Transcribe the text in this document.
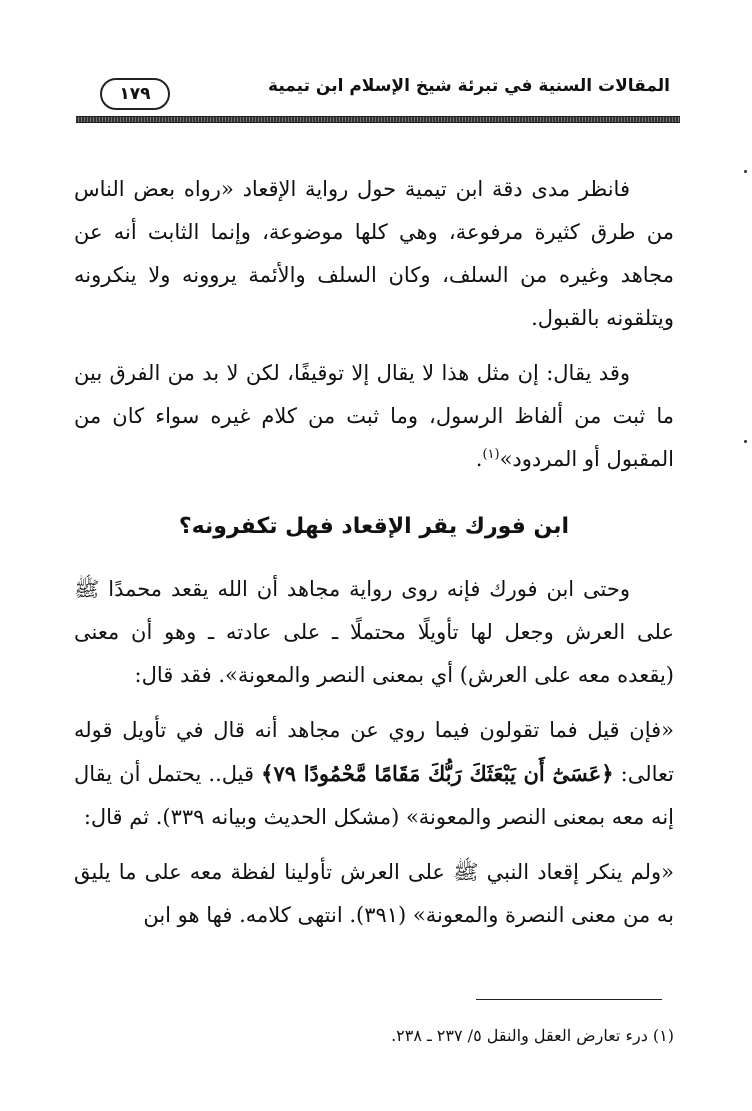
المقالات السنية في تبرئة شيخ الإسلام ابن تيمية
١٧٩

فانظر مدى دقة ابن تيمية حول رواية الإقعاد «رواه بعض الناس من طرق كثيرة مرفوعة، وهي كلها موضوعة، وإنما الثابت أنه عن مجاهد وغيره من السلف، وكان السلف والأئمة يروونه ولا ينكرونه ويتلقونه بالقبول.

وقد يقال: إن مثل هذا لا يقال إلا توقيفًا، لكن لا بد من الفرق بين ما ثبت من ألفاظ الرسول، وما ثبت من كلام غيره سواء كان من المقبول أو المردود»$^{(١)}$.

ابن فورك يقر الإقعاد فهل تكفرونه؟

وحتى ابن فورك فإنه روى رواية مجاهد أن الله يقعد محمدًا ﷺ على العرش وجعل لها تأويلًا محتملًا ـ على عادته ـ وهو أن معنى (يقعده معه على العرش) أي بمعنى النصر والمعونة». فقد قال:

«فإن قيل فما تقولون فيما روي عن مجاهد أنه قال في تأويل قوله تعالى: ﴿عَسَىٰٓ أَن يَبْعَثَكَ رَبُّكَ مَقَامًا مَّحْمُودًا ٧٩﴾ قيل.. يحتمل أن يقال إنه معه بمعنى النصر والمعونة» (مشكل الحديث وبيانه ٣٣٩). ثم قال:

«ولم ينكر إقعاد النبي ﷺ على العرش تأولينا لفظة معه على ما يليق به من معنى النصرة والمعونة» (٣٩١). انتهى كلامه. فها هو ابن

(١) درء تعارض العقل والنقل ٥/ ٢٣٧ ـ ٢٣٨.
